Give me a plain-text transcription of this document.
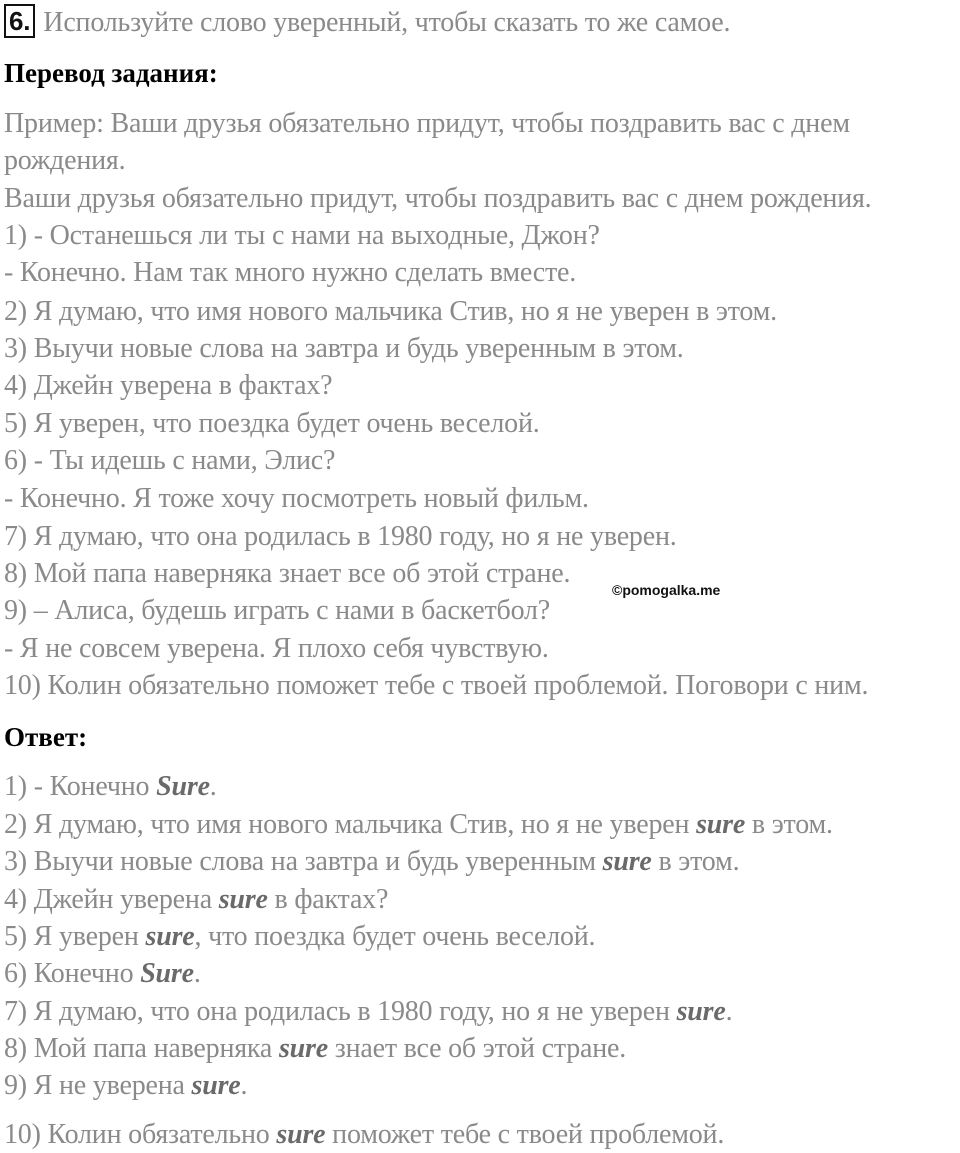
6. Используйте слово уверенный, чтобы сказать то же самое.
Перевод задания:
Пример: Ваши друзья обязательно придут, чтобы поздравить вас с днем
рождения.
Ваши друзья обязательно придут, чтобы поздравить вас с днем рождения.
1) - Останешься ли ты с нами на выходные, Джон?
- Конечно. Нам так много нужно сделать вместе.
2) Я думаю, что имя нового мальчика Стив, но я не уверен в этом.
3) Выучи новые слова на завтра и будь уверенным в этом.
4) Джейн уверена в фактах?
5) Я уверен, что поездка будет очень веселой.
6) - Ты идешь с нами, Элис?
- Конечно. Я тоже хочу посмотреть новый фильм.
7) Я думаю, что она родилась в 1980 году, но я не уверен.
8) Мой папа наверняка знает все об этой стране.
9) – Алиса, будешь играть с нами в баскетбол?
- Я не совсем уверена. Я плохо себя чувствую.
10) Колин обязательно поможет тебе с твоей проблемой. Поговори с ним.
©pomogalka.me
Ответ:
1) - Конечно Sure.
2) Я думаю, что имя нового мальчика Стив, но я не уверен sure в этом.
3) Выучи новые слова на завтра и будь уверенным sure в этом.
4) Джейн уверена sure в фактах?
5) Я уверен sure, что поездка будет очень веселой.
6) Конечно Sure.
7) Я думаю, что она родилась в 1980 году, но я не уверен sure.
8) Мой папа наверняка sure знает все об этой стране.
9) Я не уверена sure.
10) Колин обязательно sure поможет тебе с твоей проблемой.
